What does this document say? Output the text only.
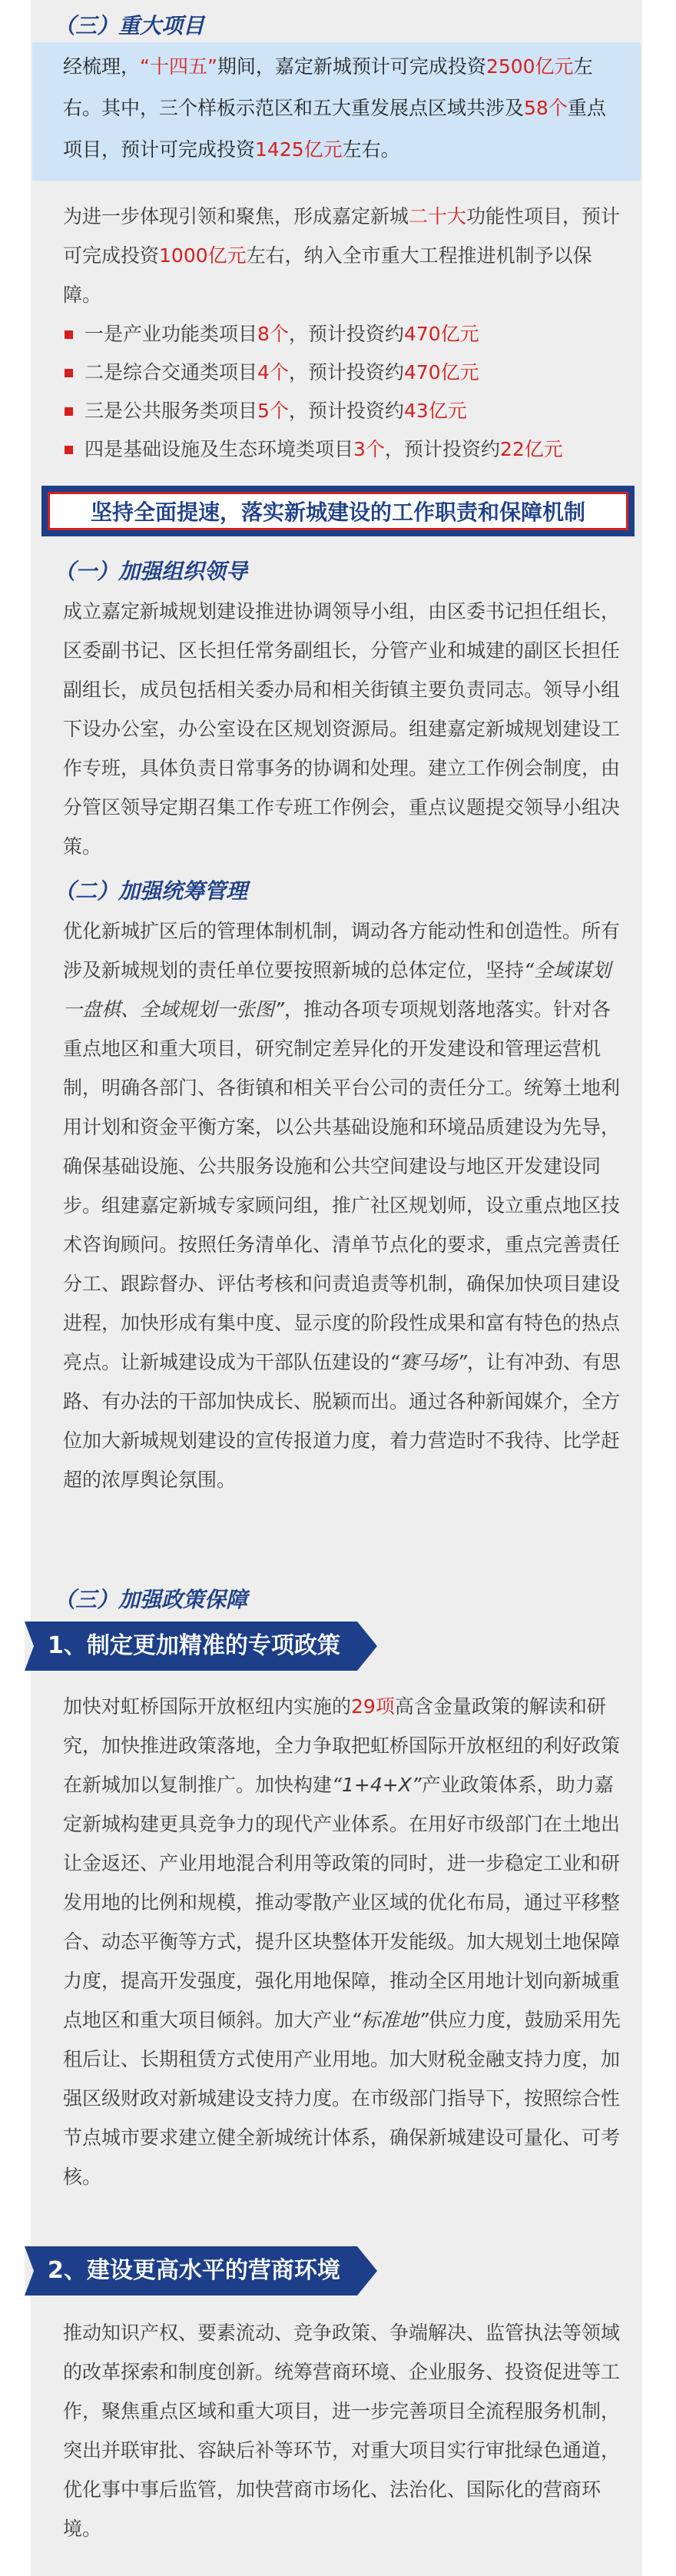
（三）重大项目

经梳理，“十四五”期间，嘉定新城预计可完成投资2500亿元左右。其中，三个样板示范区和五大重发展点区域共涉及58个重点项目，预计可完成投资1425亿元左右。

为进一步体现引领和聚焦，形成嘉定新城二十大功能性项目，预计可完成投资1000亿元左右，纳入全市重大工程推进机制予以保障。

一是产业功能类项目8个，预计投资约470亿元
二是综合交通类项目4个，预计投资约470亿元
三是公共服务类项目5个，预计投资约43亿元
四是基础设施及生态环境类项目3个，预计投资约22亿元
坚持全面提速，落实新城建设的工作职责和保障机制
（一）加强组织领导

成立嘉定新城规划建设推进协调领导小组，由区委书记担任组长，区委副书记、区长担任常务副组长，分管产业和城建的副区长担任副组长，成员包括相关委办局和相关街镇主要负责同志。领导小组下设办公室，办公室设在区规划资源局。组建嘉定新城规划建设工作专班，具体负责日常事务的协调和处理。建立工作例会制度，由分管区领导定期召集工作专班工作例会，重点议题提交领导小组决策。

（二）加强统筹管理

优化新城扩区后的管理体制机制，调动各方能动性和创造性。所有涉及新城规划的责任单位要按照新城的总体定位，坚持“全域谋划一盘棋、全域规划一张图”，推动各项专项规划落地落实。针对各重点地区和重大项目，研究制定差异化的开发建设和管理运营机制，明确各部门、各街镇和相关平台公司的责任分工。统筹土地利用计划和资金平衡方案，以公共基础设施和环境品质建设为先导，确保基础设施、公共服务设施和公共空间建设与地区开发建设同步。组建嘉定新城专家顾问组，推广社区规划师，设立重点地区技术咨询顾问。按照任务清单化、清单节点化的要求，重点完善责任分工、跟踪督办、评估考核和问责追责等机制，确保加快项目建设进程，加快形成有集中度、显示度的阶段性成果和富有特色的热点亮点。让新城建设成为干部队伍建设的“赛马场”，让有冲劲、有思路、有办法的干部加快成长、脱颖而出。通过各种新闻媒介，全方位加大新城规划建设的宣传报道力度，着力营造时不我待、比学赶超的浓厚舆论氛围。

（三）加强政策保障
1、制定更加精准的专项政策

加快对虹桥国际开放枢纽内实施的29项高含金量政策的解读和研究，加快推进政策落地，全力争取把虹桥国际开放枢纽的利好政策在新城加以复制推广。加快构建“1+4+X”产业政策体系，助力嘉定新城构建更具竞争力的现代产业体系。在用好市级部门在土地出让金返还、产业用地混合利用等政策的同时，进一步稳定工业和研发用地的比例和规模，推动零散产业区域的优化布局，通过平移整合、动态平衡等方式，提升区块整体开发能级。加大规划土地保障力度，提高开发强度，强化用地保障，推动全区用地计划向新城重点地区和重大项目倾斜。加大产业“标准地”供应力度，鼓励采用先租后让、长期租赁方式使用产业用地。加大财税金融支持力度，加强区级财政对新城建设支持力度。在市级部门指导下，按照综合性节点城市要求建立健全新城统计体系，确保新城建设可量化、可考核。

2、建设更高水平的营商环境

推动知识产权、要素流动、竞争政策、争端解决、监管执法等领域的改革探索和制度创新。统筹营商环境、企业服务、投资促进等工作，聚焦重点区域和重大项目，进一步完善项目全流程服务机制，突出并联审批、容缺后补等环节，对重大项目实行审批绿色通道，优化事中事后监管，加快营商市场化、法治化、国际化的营商环境。
